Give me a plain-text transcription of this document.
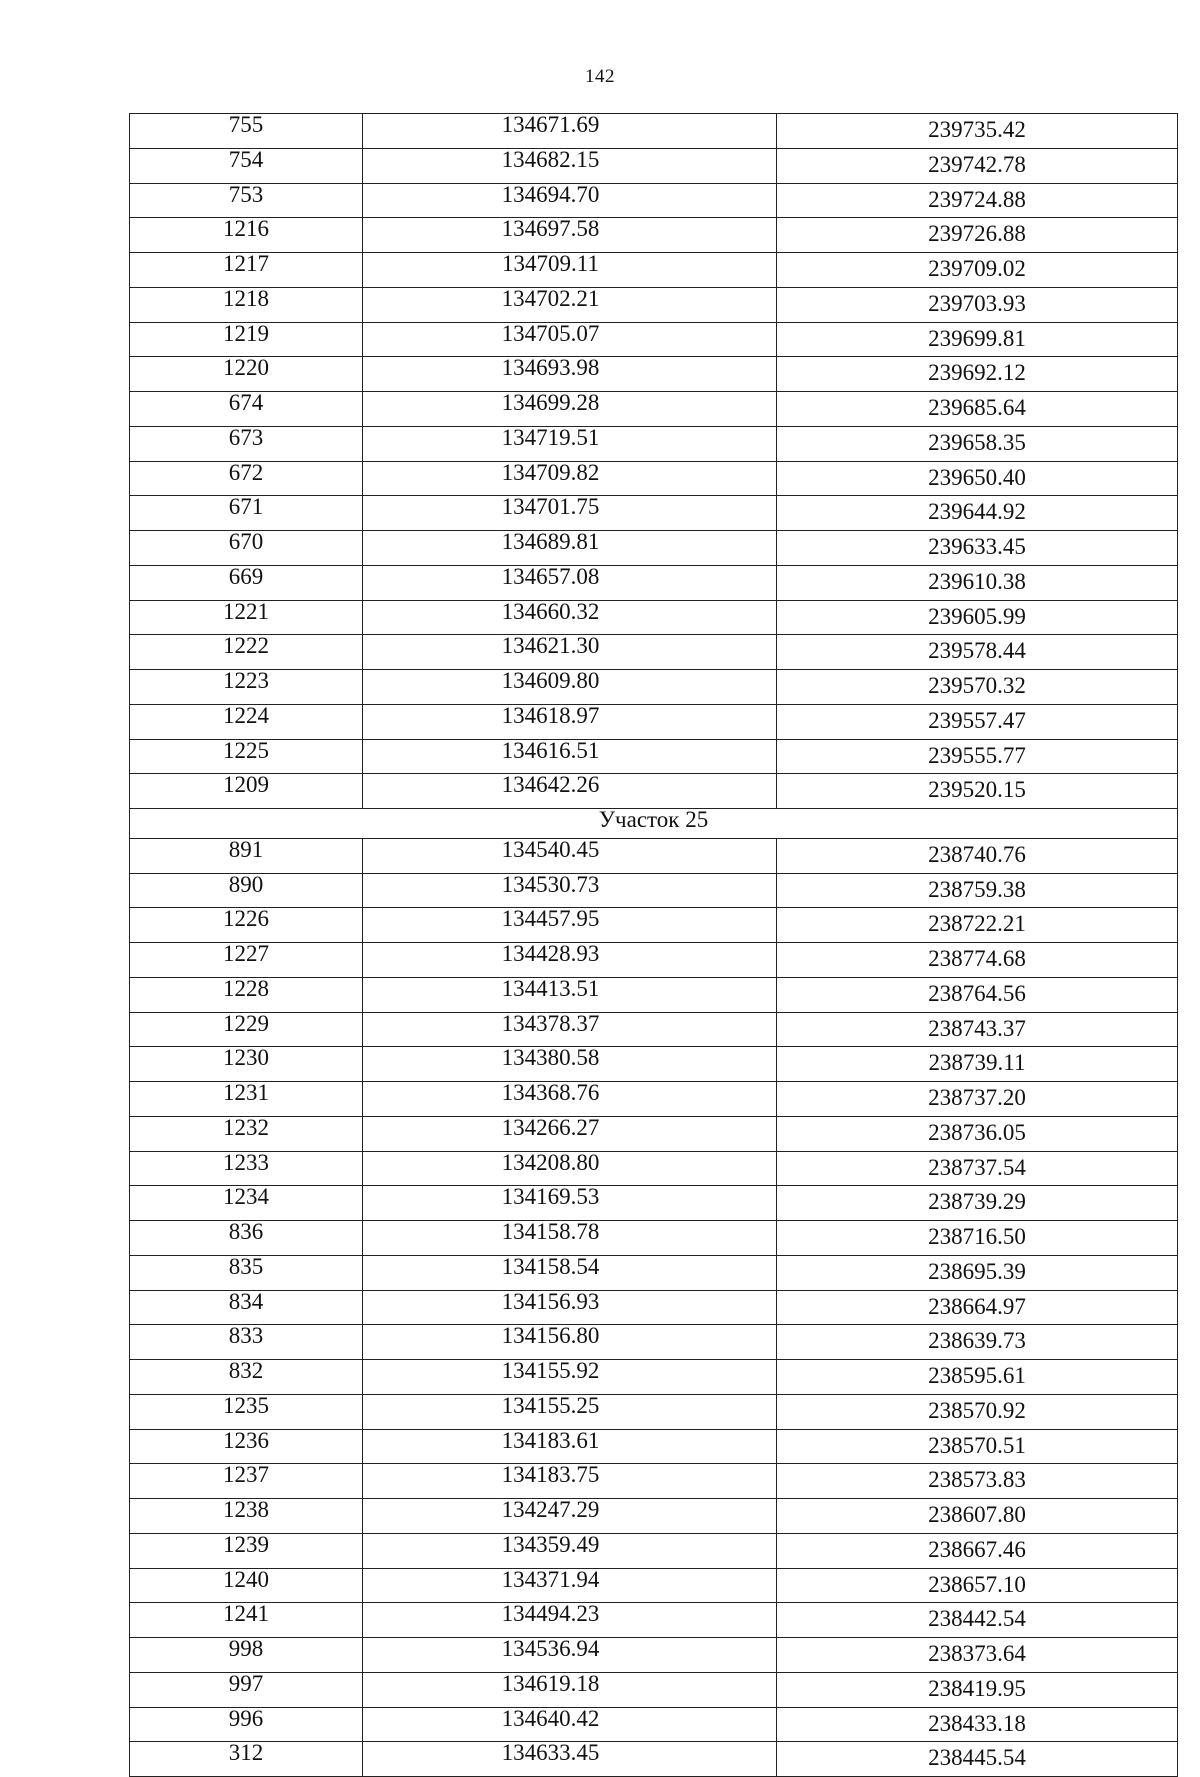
142
755	134671.69	239735.42
754	134682.15	239742.78
753	134694.70	239724.88
1216	134697.58	239726.88
1217	134709.11	239709.02
1218	134702.21	239703.93
1219	134705.07	239699.81
1220	134693.98	239692.12
674	134699.28	239685.64
673	134719.51	239658.35
672	134709.82	239650.40
671	134701.75	239644.92
670	134689.81	239633.45
669	134657.08	239610.38
1221	134660.32	239605.99
1222	134621.30	239578.44
1223	134609.80	239570.32
1224	134618.97	239557.47
1225	134616.51	239555.77
1209	134642.26	239520.15
Участок 25		
891	134540.45	238740.76
890	134530.73	238759.38
1226	134457.95	238722.21
1227	134428.93	238774.68
1228	134413.51	238764.56
1229	134378.37	238743.37
1230	134380.58	238739.11
1231	134368.76	238737.20
1232	134266.27	238736.05
1233	134208.80	238737.54
1234	134169.53	238739.29
836	134158.78	238716.50
835	134158.54	238695.39
834	134156.93	238664.97
833	134156.80	238639.73
832	134155.92	238595.61
1235	134155.25	238570.92
1236	134183.61	238570.51
1237	134183.75	238573.83
1238	134247.29	238607.80
1239	134359.49	238667.46
1240	134371.94	238657.10
1241	134494.23	238442.54
998	134536.94	238373.64
997	134619.18	238419.95
996	134640.42	238433.18
312	134633.45	238445.54
